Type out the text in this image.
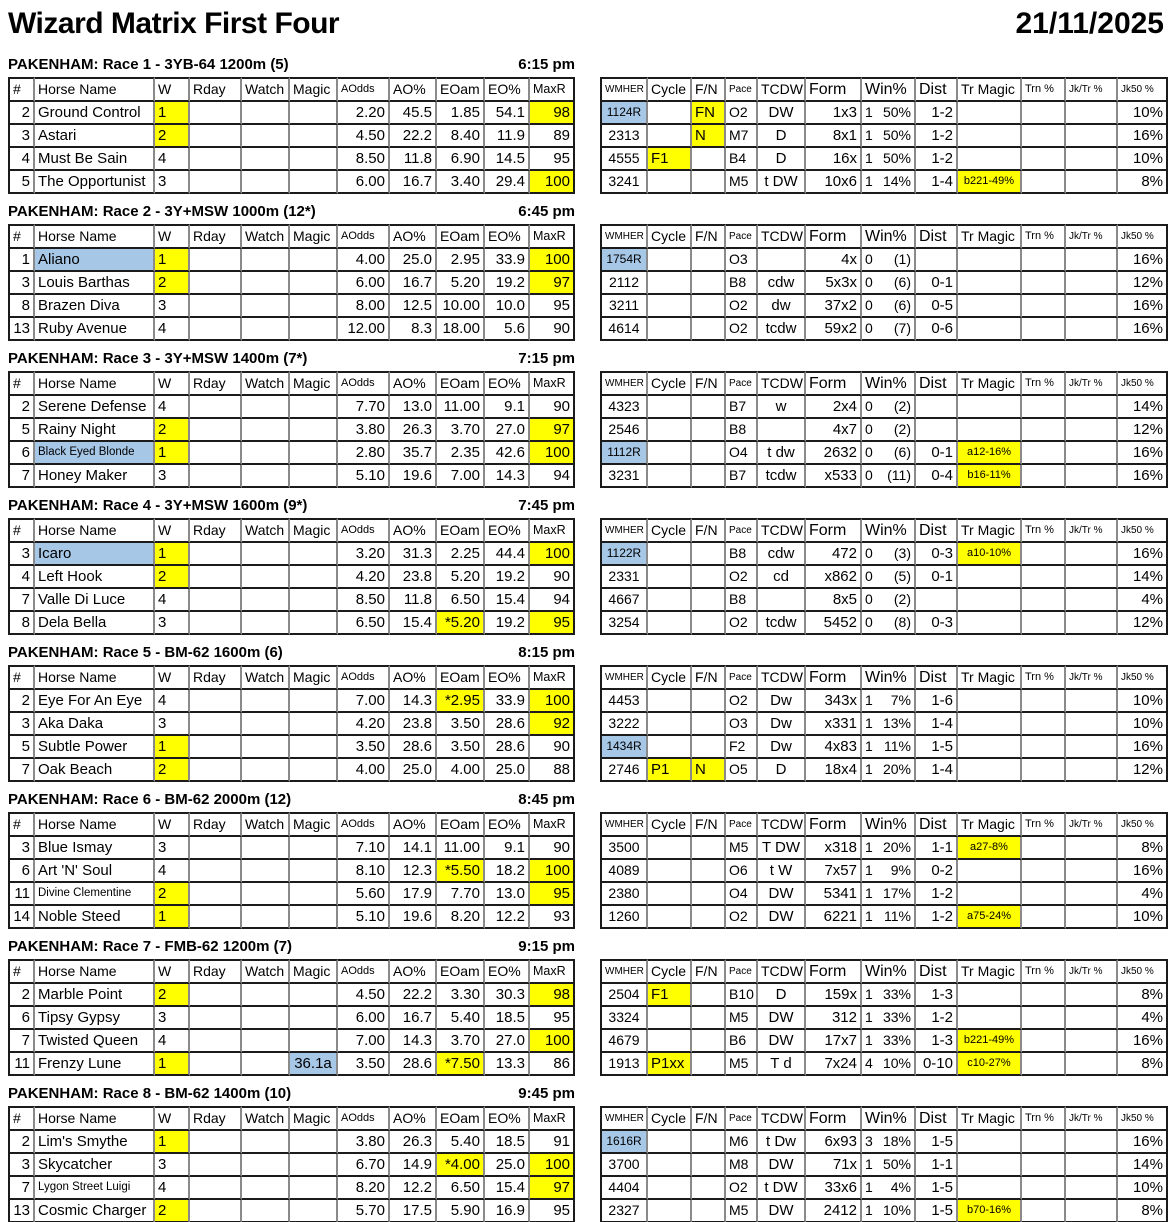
Wizard Matrix First Four	21/11/2025
PAKENHAM: Race 1 - 3YB-64 1200m (5)	6:15 pm
#	Horse Name	W	Rday	Watch	Magic	AOdds	AO%	EOam	EO%	MaxR
2	Ground Control	1				2.20	45.5	1.85	54.1	98
3	Astari	2				4.50	22.2	8.40	11.9	89
4	Must Be Sain	4				8.50	11.8	6.90	14.5	95
5	The Opportunist	3				6.00	16.7	3.40	29.4	100
WMHER	Cycle	F/N	Pace	TCDW	Form	Win%	Dist	Tr Magic	Trn %	Jk/Tr %	Jk50 %
1124R		FN	O2	DW	1x3	1 50%	1-2				10%
2313		N	M7	D	8x1	1 50%	1-2				16%
4555	F1		B4	D	16x	1 50%	1-2				10%
3241			M5	t DW	10x6	1 14%	1-4	b221-49%			8%
PAKENHAM: Race 2 - 3Y+MSW 1000m (12*)	6:45 pm
#	Horse Name	W	Rday	Watch	Magic	AOdds	AO%	EOam	EO%	MaxR
1	Aliano	1				4.00	25.0	2.95	33.9	100
3	Louis Barthas	2				6.00	16.7	5.20	19.2	97
8	Brazen Diva	3				8.00	12.5	10.00	10.0	95
13	Ruby Avenue	4				12.00	8.3	18.00	5.6	90
WMHER	Cycle	F/N	Pace	TCDW	Form	Win%	Dist	Tr Magic	Trn %	Jk/Tr %	Jk50 %
1754R			O3		4x	0 (1)					16%
2112			B8	cdw	5x3x	0 (6)	0-1				12%
3211			O2	dw	37x2	0 (6)	0-5				16%
4614			O2	tcdw	59x2	0 (7)	0-6				16%
PAKENHAM: Race 3 - 3Y+MSW 1400m (7*)	7:15 pm
#	Horse Name	W	Rday	Watch	Magic	AOdds	AO%	EOam	EO%	MaxR
2	Serene Defense	4				7.70	13.0	11.00	9.1	90
5	Rainy Night	2				3.80	26.3	3.70	27.0	97
6	Black Eyed Blonde	1				2.80	35.7	2.35	42.6	100
7	Honey Maker	3				5.10	19.6	7.00	14.3	94
WMHER	Cycle	F/N	Pace	TCDW	Form	Win%	Dist	Tr Magic	Trn %	Jk/Tr %	Jk50 %
4323			B7	w	2x4	0 (2)					14%
2546			B8		4x7	0 (2)					12%
1112R			O4	t dw	2632	0 (6)	0-1	a12-16%			16%
3231			B7	tcdw	x533	0 (11)	0-4	b16-11%			16%
PAKENHAM: Race 4 - 3Y+MSW 1600m (9*)	7:45 pm
#	Horse Name	W	Rday	Watch	Magic	AOdds	AO%	EOam	EO%	MaxR
3	Icaro	1				3.20	31.3	2.25	44.4	100
4	Left Hook	2				4.20	23.8	5.20	19.2	90
7	Valle Di Luce	4				8.50	11.8	6.50	15.4	94
8	Dela Bella	3				6.50	15.4	*5.20	19.2	95
WMHER	Cycle	F/N	Pace	TCDW	Form	Win%	Dist	Tr Magic	Trn %	Jk/Tr %	Jk50 %
1122R			B8	cdw	472	0 (3)	0-3	a10-10%			16%
2331			O2	cd	x862	0 (5)	0-1				14%
4667			B8		8x5	0 (2)					4%
3254			O2	tcdw	5452	0 (8)	0-3				12%
PAKENHAM: Race 5 - BM-62 1600m (6)	8:15 pm
#	Horse Name	W	Rday	Watch	Magic	AOdds	AO%	EOam	EO%	MaxR
2	Eye For An Eye	4				7.00	14.3	*2.95	33.9	100
3	Aka Daka	3				4.20	23.8	3.50	28.6	92
5	Subtle Power	1				3.50	28.6	3.50	28.6	90
7	Oak Beach	2				4.00	25.0	4.00	25.0	88
WMHER	Cycle	F/N	Pace	TCDW	Form	Win%	Dist	Tr Magic	Trn %	Jk/Tr %	Jk50 %
4453			O2	Dw	343x	1 7%	1-6				10%
3222			O3	Dw	x331	1 13%	1-4				10%
1434R			F2	Dw	4x83	1 11%	1-5				16%
2746	P1	N	O5	D	18x4	1 20%	1-4				12%
PAKENHAM: Race 6 - BM-62 2000m (12)	8:45 pm
#	Horse Name	W	Rday	Watch	Magic	AOdds	AO%	EOam	EO%	MaxR
3	Blue Ismay	3				7.10	14.1	11.00	9.1	90
6	Art 'N' Soul	4				8.10	12.3	*5.50	18.2	100
11	Divine Clementine	2				5.60	17.9	7.70	13.0	95
14	Noble Steed	1				5.10	19.6	8.20	12.2	93
WMHER	Cycle	F/N	Pace	TCDW	Form	Win%	Dist	Tr Magic	Trn %	Jk/Tr %	Jk50 %
3500			M5	T DW	x318	1 20%	1-1	a27-8%			8%
4089			O6	t W	7x57	1 9%	0-2				16%
2380			O4	DW	5341	1 17%	1-2				4%
1260			O2	DW	6221	1 11%	1-2	a75-24%			10%
PAKENHAM: Race 7 - FMB-62 1200m (7)	9:15 pm
#	Horse Name	W	Rday	Watch	Magic	AOdds	AO%	EOam	EO%	MaxR
2	Marble Point	2				4.50	22.2	3.30	30.3	98
6	Tipsy Gypsy	3				6.00	16.7	5.40	18.5	95
7	Twisted Queen	4				7.00	14.3	3.70	27.0	100
11	Frenzy Lune	1			36.1a	3.50	28.6	*7.50	13.3	86
WMHER	Cycle	F/N	Pace	TCDW	Form	Win%	Dist	Tr Magic	Trn %	Jk/Tr %	Jk50 %
2504	F1		B10	D	159x	1 33%	1-3				8%
3324			M5	DW	312	1 33%	1-2				4%
4679			B6	DW	17x7	1 33%	1-3	b221-49%			16%
1913	P1xx		M5	T d	7x24	4 10%	0-10	c10-27%			8%
PAKENHAM: Race 8 - BM-62 1400m (10)	9:45 pm
#	Horse Name	W	Rday	Watch	Magic	AOdds	AO%	EOam	EO%	MaxR
2	Lim's Smythe	1				3.80	26.3	5.40	18.5	91
3	Skycatcher	3				6.70	14.9	*4.00	25.0	100
7	Lygon Street Luigi	4				8.20	12.2	6.50	15.4	97
13	Cosmic Charger	2				5.70	17.5	5.90	16.9	95
WMHER	Cycle	F/N	Pace	TCDW	Form	Win%	Dist	Tr Magic	Trn %	Jk/Tr %	Jk50 %
1616R			M6	t Dw	6x93	3 18%	1-5				16%
3700			M8	DW	71x	1 50%	1-1				14%
4404			O2	t DW	33x6	1 4%	1-5				10%
2327			M5	DW	2412	1 10%	1-5	b70-16%			8%
